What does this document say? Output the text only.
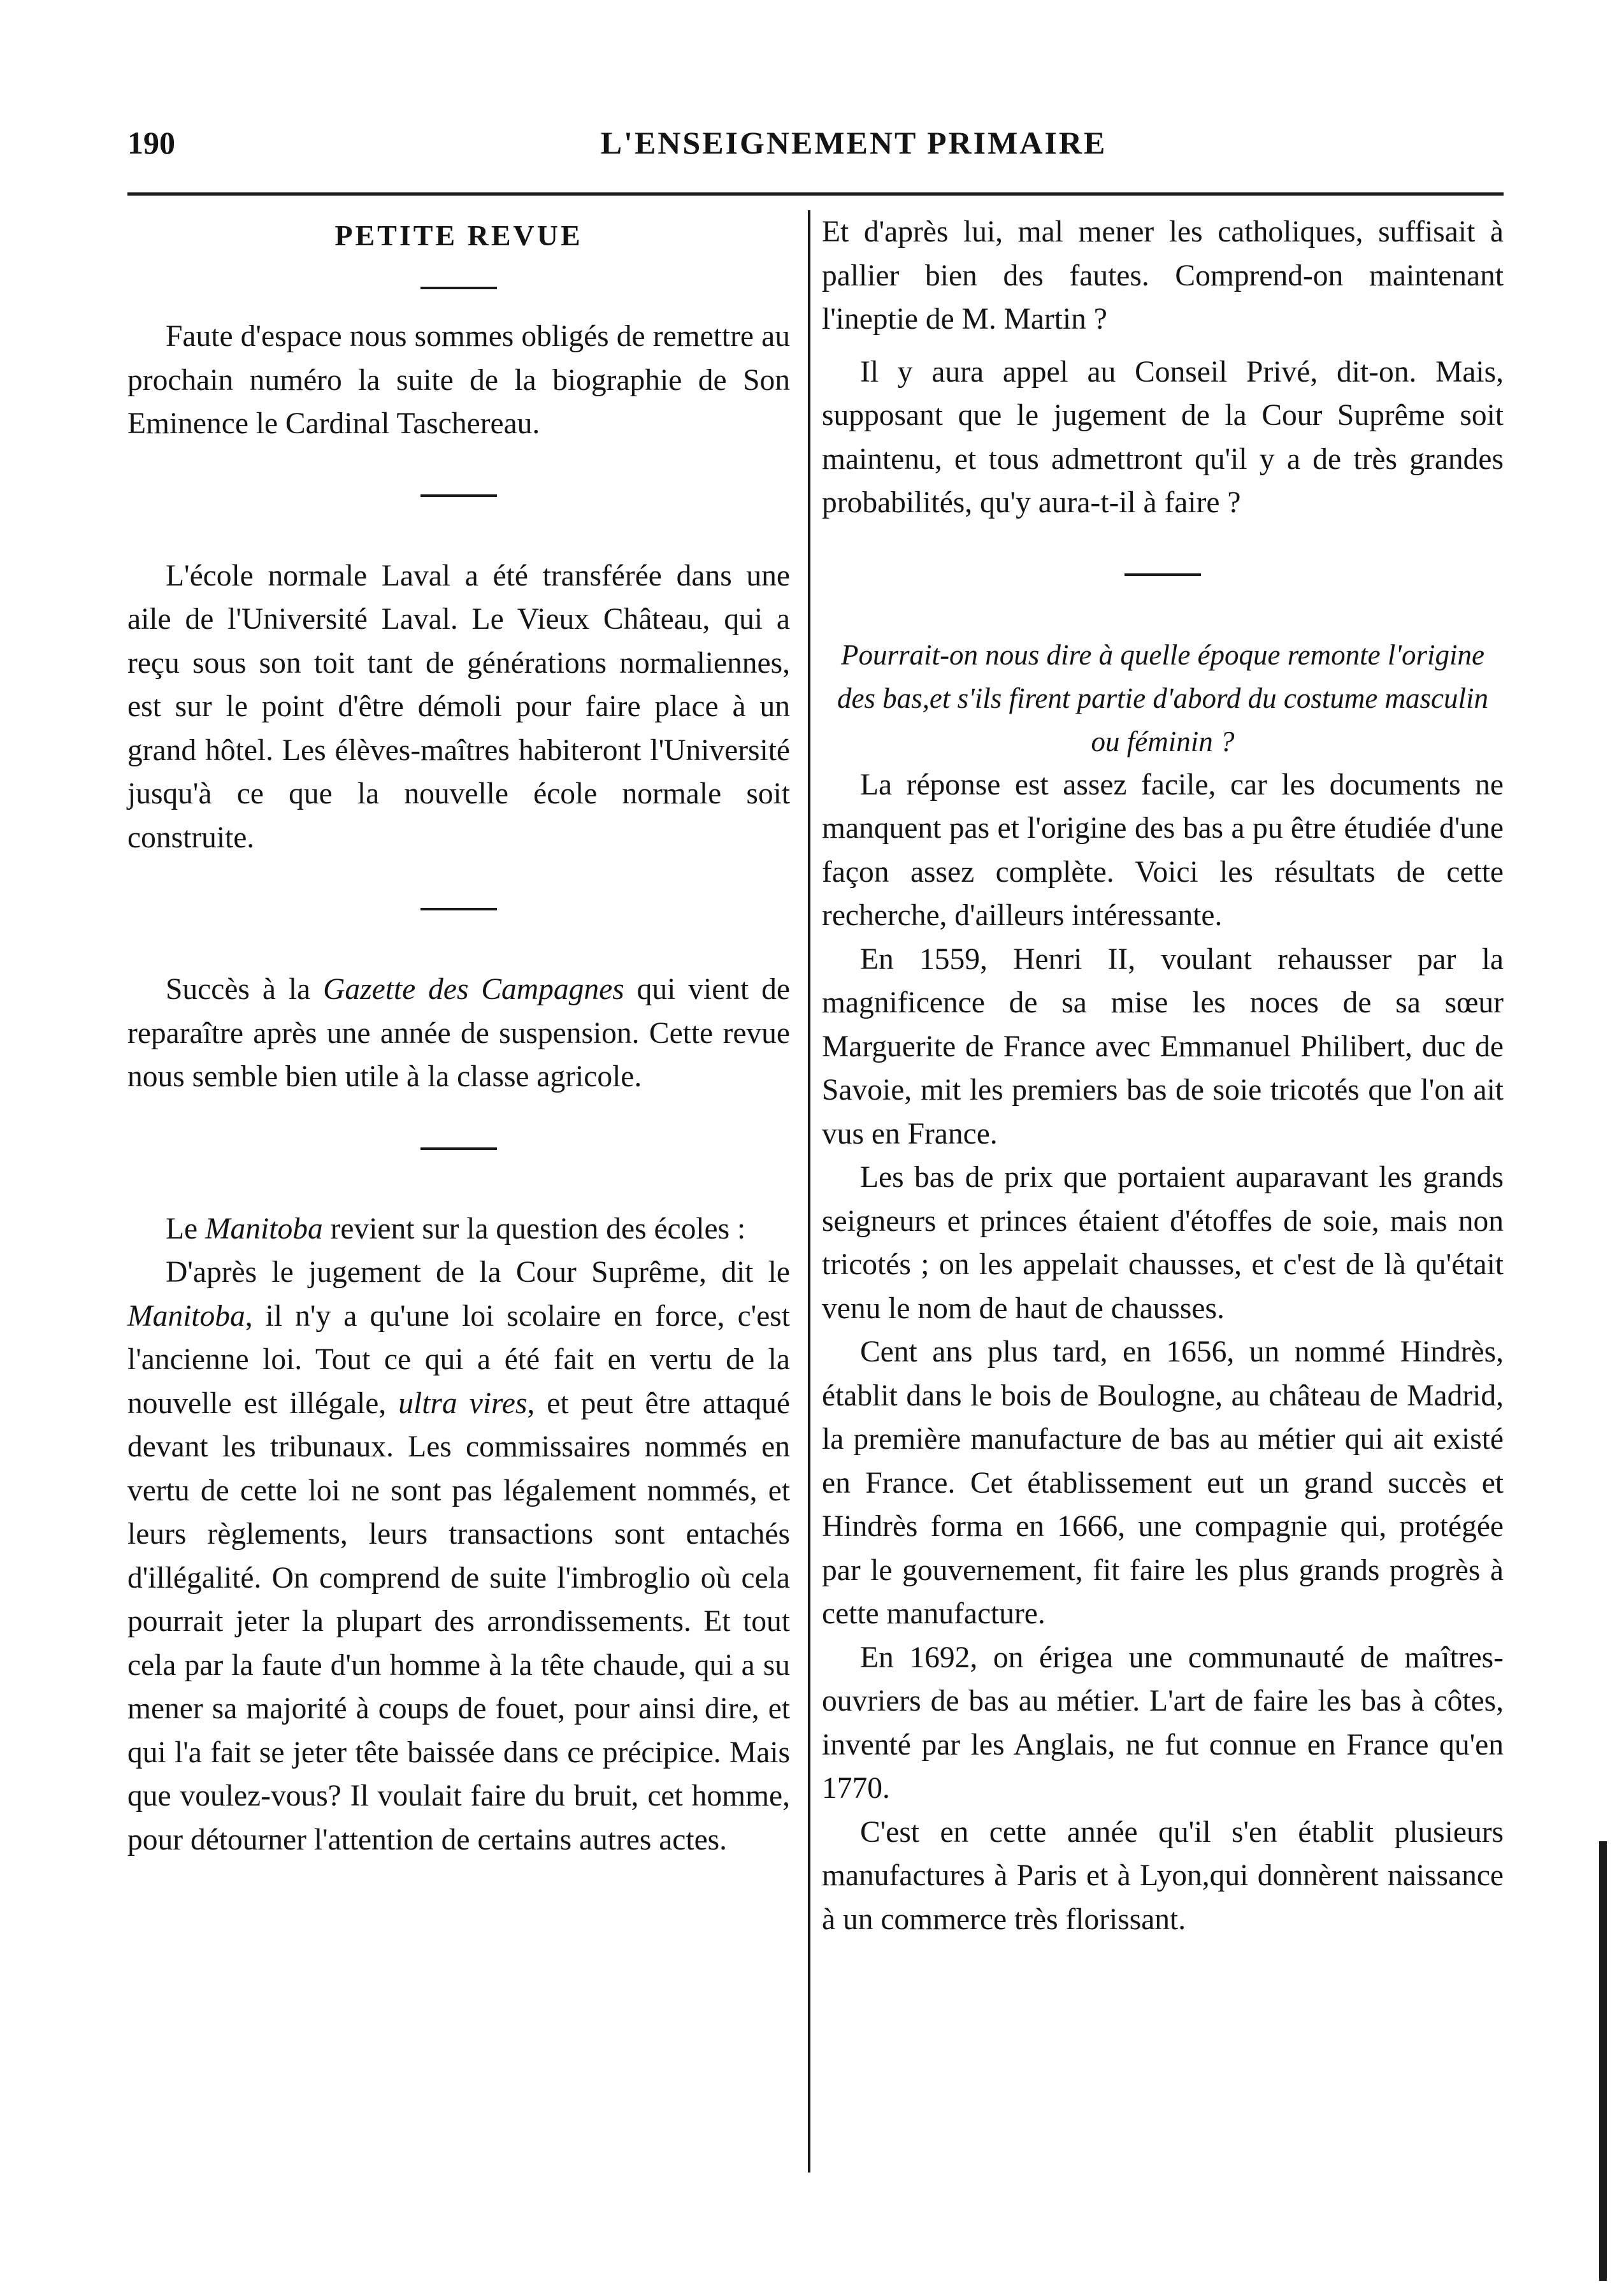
190	L'ENSEIGNEMENT PRIMAIRE
PETITE REVUE

Faute d'espace nous sommes obligés de remettre au prochain numéro la suite de la biographie de Son Eminence le Cardinal Taschereau.

L'école normale Laval a été transférée dans une aile de l'Université Laval. Le Vieux Château, qui a reçu sous son toit tant de générations normaliennes, est sur le point d'être démoli pour faire place à un grand hôtel. Les élèves-maîtres habiteront l'Université jusqu'à ce que la nouvelle école normale soit construite.

Succès à la Gazette des Campagnes qui vient de reparaître après une année de suspension. Cette revue nous semble bien utile à la classe agricole.

Le Manitoba revient sur la question des écoles :

D'après le jugement de la Cour Suprême, dit le Manitoba, il n'y a qu'une loi scolaire en force, c'est l'ancienne loi. Tout ce qui a été fait en vertu de la nouvelle est illégale, ultra vires, et peut être attaqué devant les tribunaux. Les commissaires nommés en vertu de cette loi ne sont pas légalement nommés, et leurs règlements, leurs transactions sont entachés d'illégalité. On comprend de suite l'imbroglio où cela pourrait jeter la plupart des arrondissements. Et tout cela par la faute d'un homme à la tête chaude, qui a su mener sa majorité à coups de fouet, pour ainsi dire, et qui l'a fait se jeter tête baissée dans ce précipice. Mais que voulez-vous? Il voulait faire du bruit, cet homme, pour détourner l'attention de certains autres actes.

Et d'après lui, mal mener les catholiques, suffisait à pallier bien des fautes. Comprend-on maintenant l'ineptie de M. Martin ?

Il y aura appel au Conseil Privé, dit-on. Mais, supposant que le jugement de la Cour Suprême soit maintenu, et tous admettront qu'il y a de très grandes probabilités, qu'y aura-t-il à faire ?

Pourrait-on nous dire à quelle époque remonte l'origine des bas,et s'ils firent partie d'abord du costume masculin ou féminin ?

La réponse est assez facile, car les documents ne manquent pas et l'origine des bas a pu être étudiée d'une façon assez complète. Voici les résultats de cette recherche, d'ailleurs intéressante.

En 1559, Henri II, voulant rehausser par la magnificence de sa mise les noces de sa sœur Marguerite de France avec Emmanuel Philibert, duc de Savoie, mit les premiers bas de soie tricotés que l'on ait vus en France.

Les bas de prix que portaient auparavant les grands seigneurs et princes étaient d'étoffes de soie, mais non tricotés ; on les appelait chausses, et c'est de là qu'était venu le nom de haut de chausses.

Cent ans plus tard, en 1656, un nommé Hindrès, établit dans le bois de Boulogne, au château de Madrid, la première manufacture de bas au métier qui ait existé en France. Cet établissement eut un grand succès et Hindrès forma en 1666, une compagnie qui, protégée par le gouvernement, fit faire les plus grands progrès à cette manufacture.

En 1692, on érigea une communauté de maîtres-ouvriers de bas au métier. L'art de faire les bas à côtes, inventé par les Anglais, ne fut connue en France qu'en 1770.

C'est en cette année qu'il s'en établit plusieurs manufactures à Paris et à Lyon,qui donnèrent naissance à un commerce très florissant.
